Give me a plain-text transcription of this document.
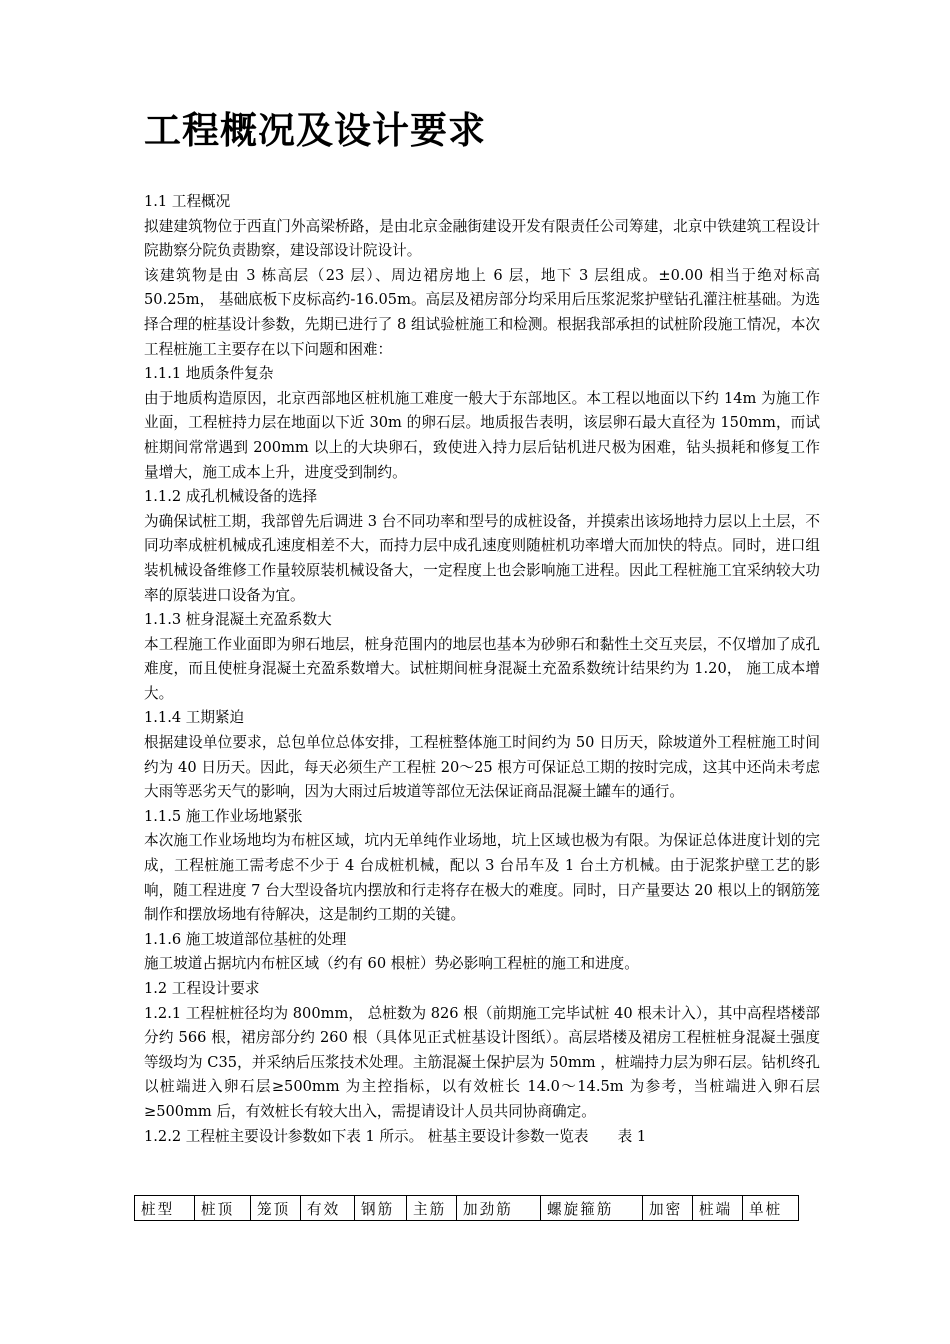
工程概况及设计要求

1.1 工程概况

拟建建筑物位于西直门外高梁桥路，是由北京金融街建设开发有限责任公司筹建，北京中铁建筑工程设计院勘察分院负责勘察，建设部设计院设计。

该建筑物是由 3 栋高层（23 层）、周边裙房地上 6 层，地下 3 层组成。±0.00 相当于绝对标高 50.25m， 基础底板下皮标高约-16.05m。高层及裙房部分均采用后压浆泥浆护壁钻孔灌注桩基础。为选择合理的桩基设计参数，先期已进行了 8 组试验桩施工和检测。根据我部承担的试桩阶段施工情况，本次工程桩施工主要存在以下问题和困难：

1.1.1 地质条件复杂

由于地质构造原因，北京西部地区桩机施工难度一般大于东部地区。本工程以地面以下约 14m 为施工作业面，工程桩持力层在地面以下近 30m 的卵石层。地质报告表明，该层卵石最大直径为 150mm，而试桩期间常常遇到 200mm 以上的大块卵石，致使进入持力层后钻机进尺极为困难，钻头损耗和修复工作量增大，施工成本上升，进度受到制约。

1.1.2 成孔机械设备的选择

为确保试桩工期，我部曾先后调进 3 台不同功率和型号的成桩设备，并摸索出该场地持力层以上土层，不同功率成桩机械成孔速度相差不大，而持力层中成孔速度则随桩机功率增大而加快的特点。同时，进口组装机械设备维修工作量较原装机械设备大，一定程度上也会影响施工进程。因此工程桩施工宜采纳较大功率的原装进口设备为宜。

1.1.3 桩身混凝土充盈系数大

本工程施工作业面即为卵石地层，桩身范围内的地层也基本为砂卵石和黏性土交互夹层，不仅增加了成孔难度，而且使桩身混凝土充盈系数增大。试桩期间桩身混凝土充盈系数统计结果约为 1.20， 施工成本增大。

1.1.4 工期紧迫

根据建设单位要求，总包单位总体安排，工程桩整体施工时间约为 50 日历天，除坡道外工程桩施工时间约为 40 日历天。因此，每天必须生产工程桩 20～25 根方可保证总工期的按时完成，这其中还尚未考虑大雨等恶劣天气的影响，因为大雨过后坡道等部位无法保证商品混凝土罐车的通行。

1.1.5 施工作业场地紧张

本次施工作业场地均为布桩区域，坑内无单纯作业场地，坑上区域也极为有限。为保证总体进度计划的完成，工程桩施工需考虑不少于 4 台成桩机械，配以 3 台吊车及 1 台土方机械。由于泥浆护壁工艺的影响，随工程进度 7 台大型设备坑内摆放和行走将存在极大的难度。同时，日产量要达 20 根以上的钢筋笼制作和摆放场地有待解决，这是制约工期的关键。

1.1.6 施工坡道部位基桩的处理

施工坡道占据坑内布桩区域（约有 60 根桩）势必影响工程桩的施工和进度。

1.2 工程设计要求

1.2.1 工程桩桩径均为 800mm， 总桩数为 826 根（前期施工完毕试桩 40 根未计入），其中高程塔楼部分约 566 根，裙房部分约 260 根（具体见正式桩基设计图纸）。高层塔楼及裙房工程桩桩身混凝土强度等级均为 C35，并采纳后压浆技术处理。主筋混凝土保护层为 50mm ，桩端持力层为卵石层。钻机终孔以桩端进入卵石层≥500mm 为主控指标，以有效桩长 14.0～14.5m 为参考，当桩端进入卵石层≥500mm 后，有效桩长有较大出入，需提请设计人员共同协商确定。

1.2.2 工程桩主要设计参数如下表 1 所示。 桩基主要设计参数一览表　　表 1

桩型	桩顶	笼顶	有效	钢筋	主筋	加劲筋	螺旋箍筋	加密	桩端	单桩
